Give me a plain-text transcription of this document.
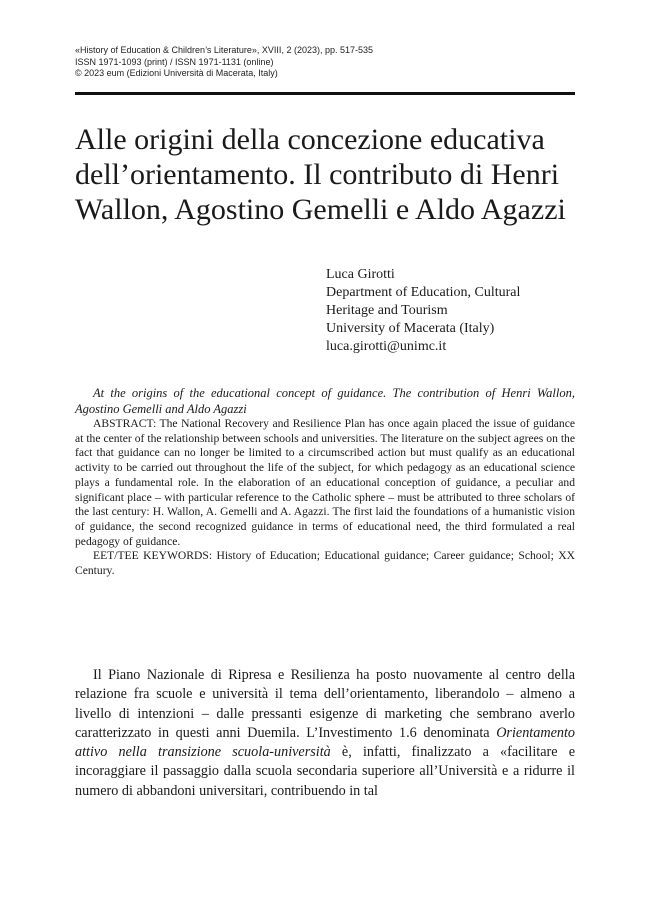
«History of Education & Children’s Literature», XVIII, 2 (2023), pp. 517-535
ISSN 1971-1093 (print) / ISSN 1971-1131 (online)
© 2023 eum (Edizioni Università di Macerata, Italy)
Alle origini della concezione educativa dell’orientamento. Il contributo di Henri Wallon, Agostino Gemelli e Aldo Agazzi
Luca Girotti
Department of Education, Cultural
Heritage and Tourism
University of Macerata (Italy)
luca.girotti@unimc.it

At the origins of the educational concept of guidance. The contribution of Henri Wallon, Agostino Gemelli and Aldo Agazzi

ABSTRACT: The National Recovery and Resilience Plan has once again placed the issue of guidance at the center of the relationship between schools and universities. The literature on the subject agrees on the fact that guidance can no longer be limited to a circumscribed action but must qualify as an educational activity to be carried out throughout the life of the subject, for which pedagogy as an educational science plays a fundamental role. In the elaboration of an educational conception of guidance, a peculiar and significant place – with particular reference to the Catholic sphere – must be attributed to three scholars of the last century: H. Wallon, A. Gemelli and A. Agazzi. The first laid the foundations of a humanistic vision of guidance, the second recognized guidance in terms of educational need, the third formulated a real pedagogy of guidance.

EET/TEE KEYWORDS: History of Education; Educational guidance; Career guidance; School; XX Century.

Il Piano Nazionale di Ripresa e Resilienza ha posto nuovamente al centro della relazione fra scuole e università il tema dell’orientamento, liberandolo – almeno a livello di intenzioni – dalle pressanti esigenze di marketing che sembrano averlo caratterizzato in questi anni Duemila. L’Investimento 1.6 denominata Orientamento attivo nella transizione scuola-università è, infatti, finalizzato a «facilitare e incoraggiare il passaggio dalla scuola secondaria superiore all’Università e a ridurre il numero di abbandoni universitari, contribuendo in tal
